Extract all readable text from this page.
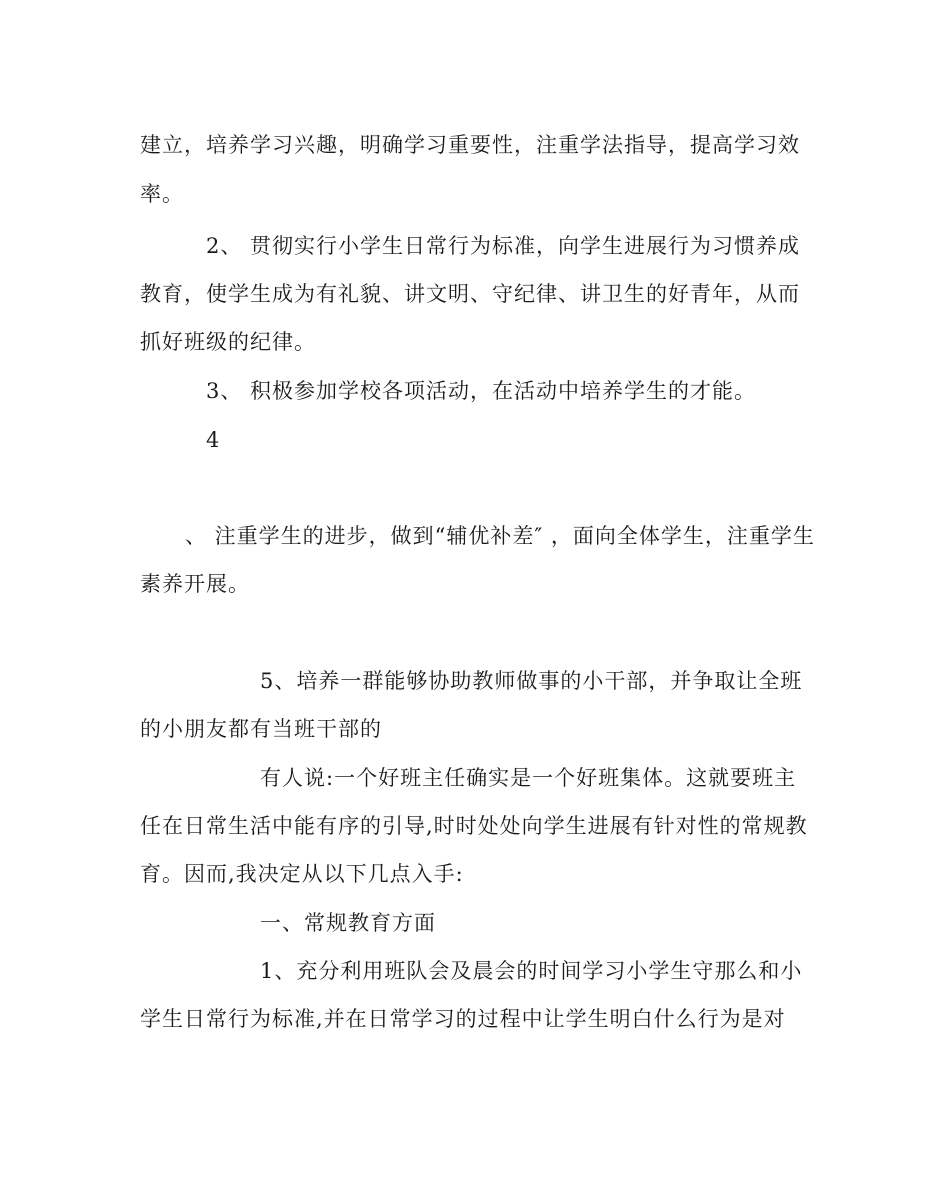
建立，培养学习兴趣，明确学习重要性，注重学法指导，提高学习效
率。
2、 贯彻实行小学生日常行为标准，向学生进展行为习惯养成
教育，使学生成为有礼貌、讲文明、守纪律、讲卫生的好青年，从而
抓好班级的纪律。
3、 积极参加学校各项活动，在活动中培养学生的才能。
4
、 注重学生的进步，做到“辅优补差″ ，面向全体学生，注重学生
素养开展。
5、培养一群能够协助教师做事的小干部，并争取让全班
的小朋友都有当班干部的
有人说:一个好班主任确实是一个好班集体。这就要班主
任在日常生活中能有序的引导,时时处处向学生进展有针对性的常规教
育。因而,我决定从以下几点入手:
一、常规教育方面
1、充分利用班队会及晨会的时间学习小学生守那么和小
学生日常行为标准,并在日常学习的过程中让学生明白什么行为是对
